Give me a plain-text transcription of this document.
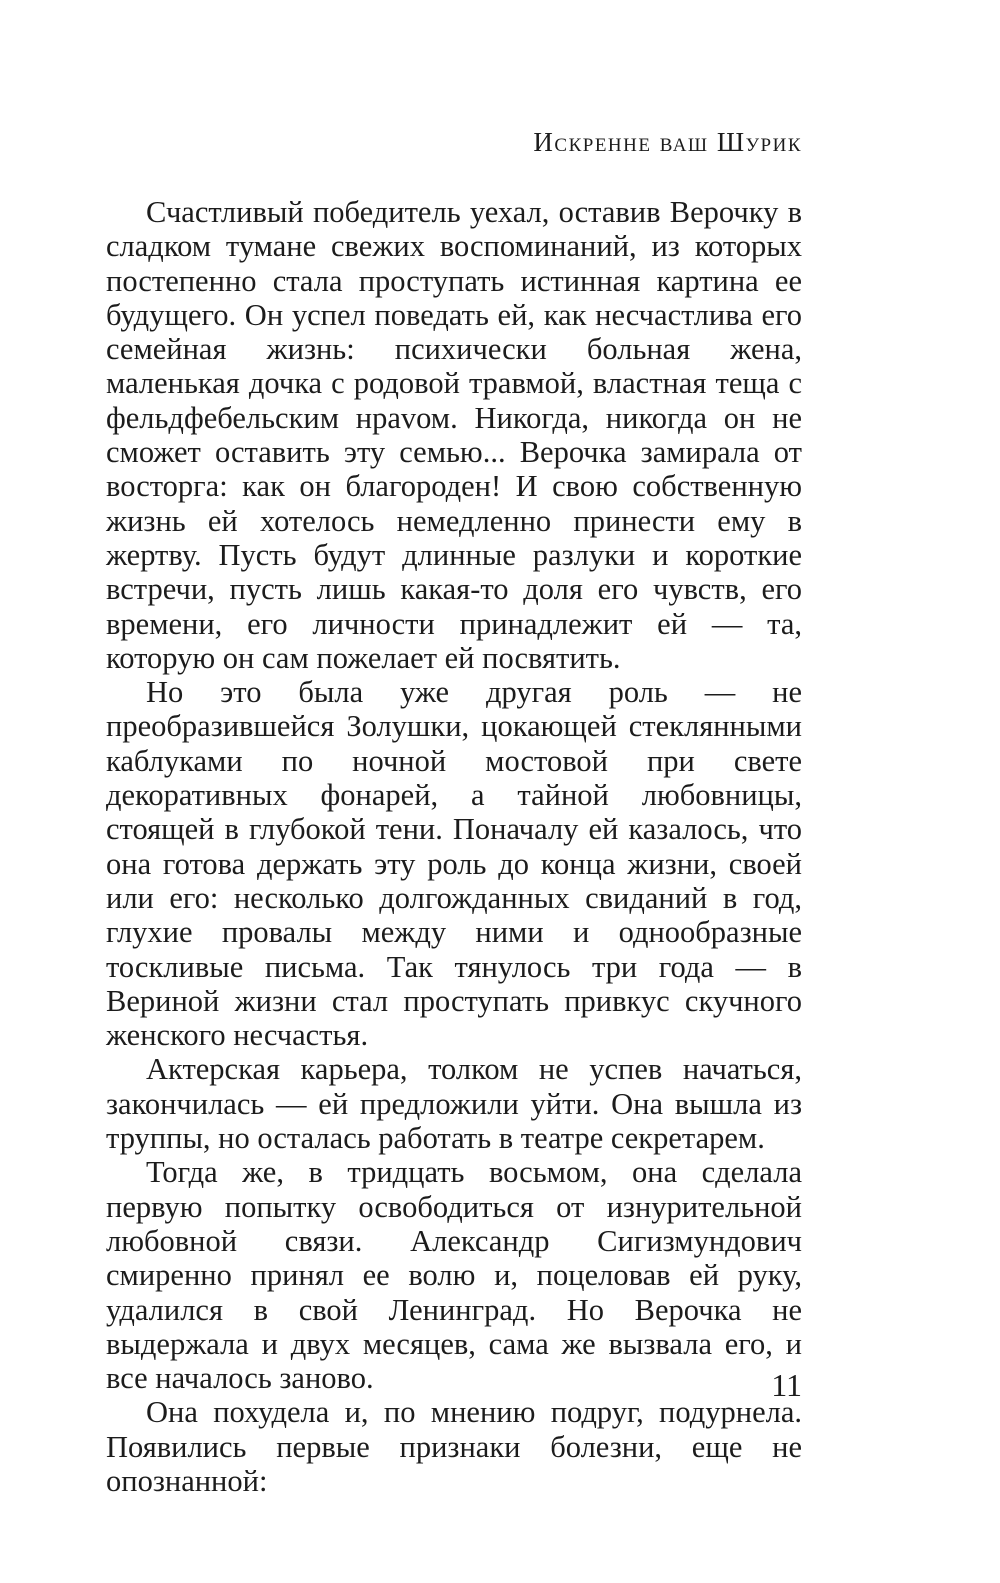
Искренне ваш Шурик

Счастливый победитель уехал, оставив Верочку в сладком тумане свежих воспоминаний, из которых постепенно стала проступать истинная картина ее будущего. Он успел поведать ей, как несчастлива его семейная жизнь: психически больная жена, маленькая дочка с родовой травмой, властная теща с фельдфебельским нраvом. Никогда, никогда он не сможет оставить эту семью... Верочка замирала от восторга: как он благороден! И свою собственную жизнь ей хотелось немедленно принести ему в жертву. Пусть будут длинные разлуки и короткие встречи, пусть лишь какая-то доля его чувств, его времени, его личности принадлежит ей — та, которую он сам пожелает ей посвятить.

Но это была уже другая роль — не преобразившейся Золушки, цокающей стеклянными каблуками по ночной мостовой при свете декоративных фонарей, а тайной любовницы, стоящей в глубокой тени. Поначалу ей казалось, что она готова держать эту роль до конца жизни, своей или его: несколько долгожданных свиданий в год, глухие провалы между ними и однообразные тоскливые письма. Так тянулось три года — в Вериной жизни стал проступать привкус скучного женского несчастья.

Актерская карьера, толком не успев начаться, закончилась — ей предложили уйти. Она вышла из труппы, но осталась работать в театре секретарем.

Тогда же, в тридцать восьмом, она сделала первую попытку освободиться от изнурительной любовной связи. Александр Сигизмундович смиренно принял ее волю и, поцеловав ей руку, удалился в свой Ленинград. Но Верочка не выдержала и двух месяцев, сама же вызвала его, и все началось заново.

Она похудела и, по мнению подруг, подурнела. Появились первые признаки болезни, еще не опознанной:

11
